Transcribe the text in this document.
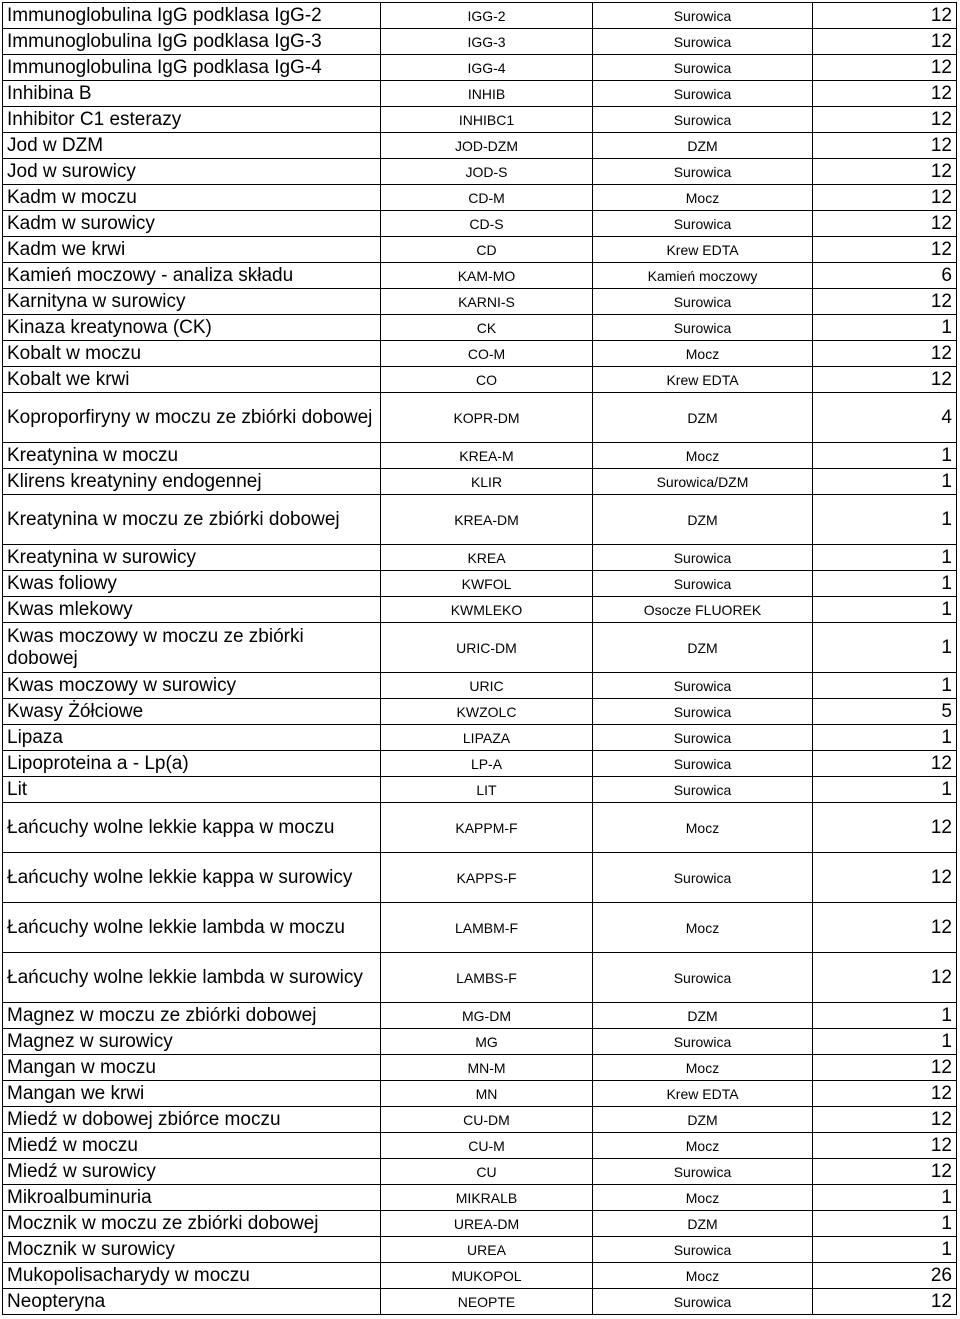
Immunoglobulina IgG podklasa IgG-2	IGG-2	Surowica	12
Immunoglobulina IgG podklasa IgG-3	IGG-3	Surowica	12
Immunoglobulina IgG podklasa IgG-4	IGG-4	Surowica	12
Inhibina B	INHIB	Surowica	12
Inhibitor C1 esterazy	INHIBC1	Surowica	12
Jod w DZM	JOD-DZM	DZM	12
Jod w surowicy	JOD-S	Surowica	12
Kadm w moczu	CD-M	Mocz	12
Kadm w surowicy	CD-S	Surowica	12
Kadm we krwi	CD	Krew EDTA	12
Kamień moczowy - analiza składu	KAM-MO	Kamień moczowy	6
Karnityna w surowicy	KARNI-S	Surowica	12
Kinaza kreatynowa (CK)	CK	Surowica	1
Kobalt w moczu	CO-M	Mocz	12
Kobalt we krwi	CO	Krew EDTA	12
Koproporfiryny w moczu ze zbiórki dobowej	KOPR-DM	DZM	4
Kreatynina w moczu	KREA-M	Mocz	1
Klirens kreatyniny endogennej	KLIR	Surowica/DZM	1
Kreatynina w moczu ze zbiórki dobowej	KREA-DM	DZM	1
Kreatynina w surowicy	KREA	Surowica	1
Kwas foliowy	KWFOL	Surowica	1
Kwas mlekowy	KWMLEKO	Osocze FLUOREK	1
Kwas moczowy w moczu ze zbiórki dobowej	URIC-DM	DZM	1
Kwas moczowy w surowicy	URIC	Surowica	1
Kwasy Żółciowe	KWZOLC	Surowica	5
Lipaza	LIPAZA	Surowica	1
Lipoproteina a - Lp(a)	LP-A	Surowica	12
Lit	LIT	Surowica	1
Łańcuchy wolne lekkie kappa w moczu	KAPPM-F	Mocz	12
Łańcuchy wolne lekkie kappa w surowicy	KAPPS-F	Surowica	12
Łańcuchy wolne lekkie lambda w moczu	LAMBM-F	Mocz	12
Łańcuchy wolne lekkie lambda w surowicy	LAMBS-F	Surowica	12
Magnez w moczu ze zbiórki dobowej	MG-DM	DZM	1
Magnez w surowicy	MG	Surowica	1
Mangan w moczu	MN-M	Mocz	12
Mangan we krwi	MN	Krew EDTA	12
Miedź w dobowej zbiórce moczu	CU-DM	DZM	12
Miedź w moczu	CU-M	Mocz	12
Miedź w surowicy	CU	Surowica	12
Mikroalbuminuria	MIKRALB	Mocz	1
Mocznik w moczu ze zbiórki dobowej	UREA-DM	DZM	1
Mocznik w surowicy	UREA	Surowica	1
Mukopolisacharydy w moczu	MUKOPOL	Mocz	26
Neopteryna	NEOPTE	Surowica	12
